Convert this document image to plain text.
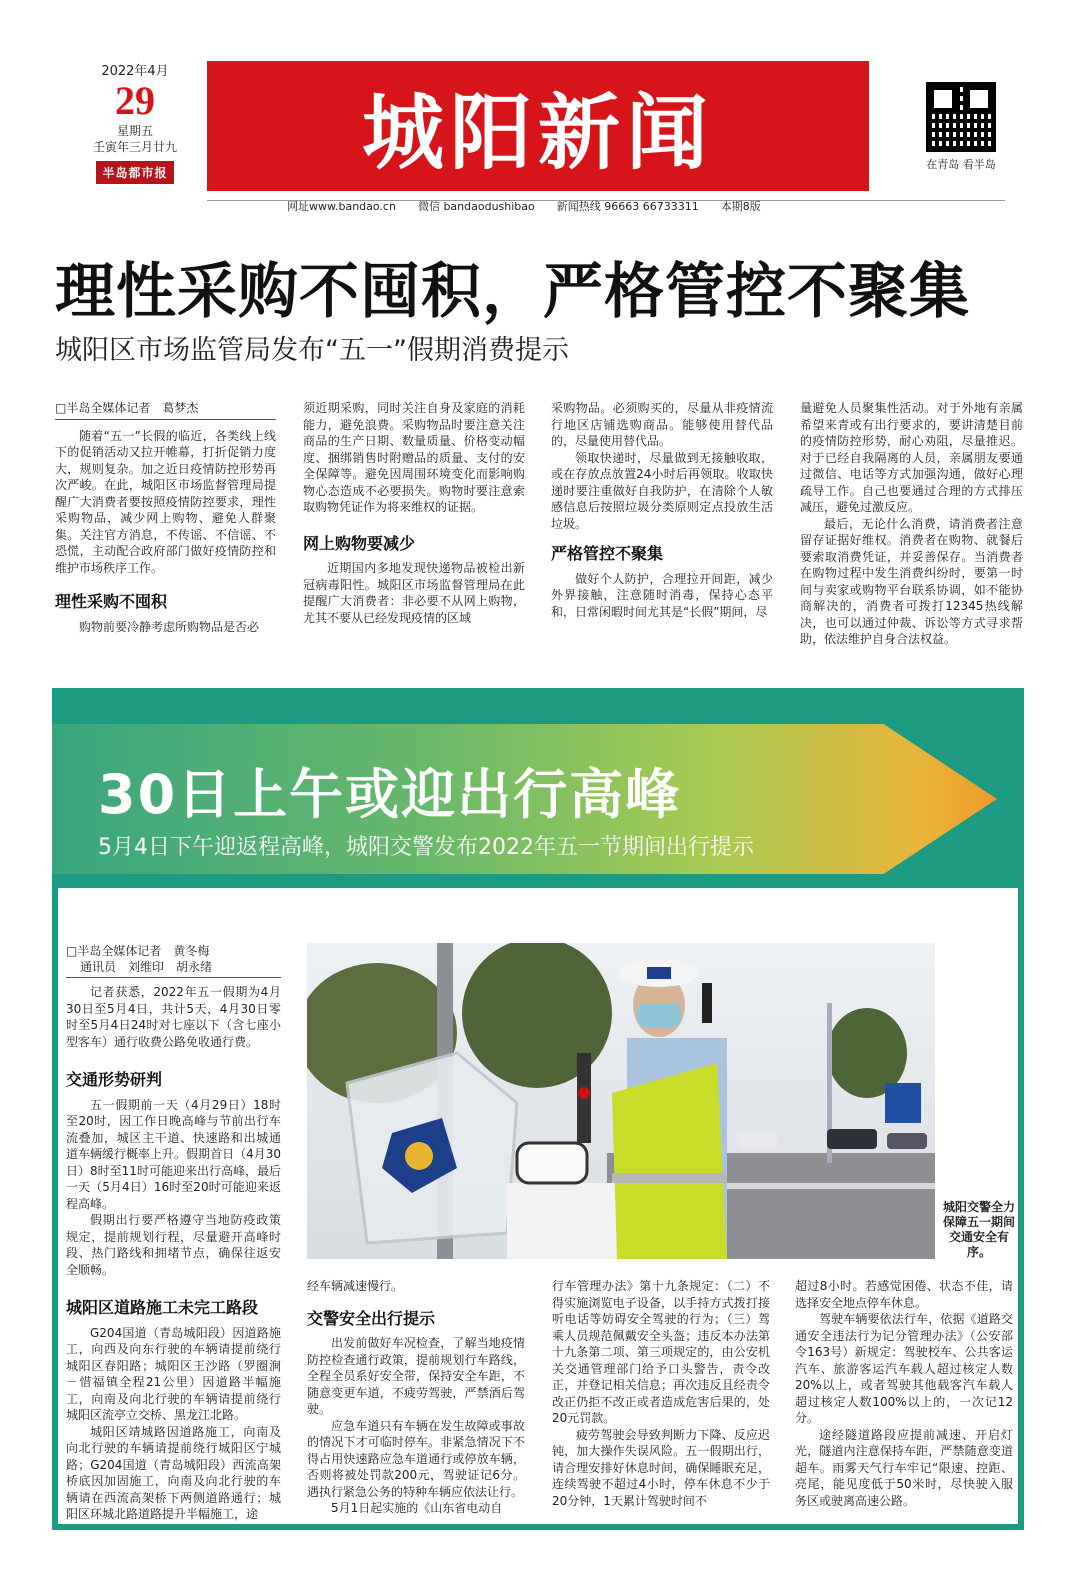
2022年4月
29
星期五
壬寅年三月廿九
半岛都市报 城阳新闻	在青岛 看半岛
网址www.bandao.cn 微信 bandaodushibao 新闻热线 96663 66733311 本期8版
理性采购不囤积，严格管控不聚集
城阳区市场监管局发布“五一”假期消费提示
□半岛全媒体记者　葛梦杰

随着“五一”长假的临近，各类线上线下的促销活动又拉开帷幕，打折促销力度大，规则复杂。加之近日疫情防控形势再次严峻。在此，城阳区市场监督管理局提醒广大消费者要按照疫情防控要求，理性采购物品，减少网上购物、避免人群聚集。关注官方消息，不传谣、不信谣、不恐慌，主动配合政府部门做好疫情防控和维护市场秩序工作。

理性采购不囤积

购物前要冷静考虑所购物品是否必

须近期采购，同时关注自身及家庭的消耗能力，避免浪费。采购物品时要注意关注商品的生产日期、数量质量、价格变动幅度、捆绑销售时附赠品的质量、支付的安全保障等。避免因周围环境变化而影响购物心态造成不必要损失。购物时要注意索取购物凭证作为将来维权的证据。

网上购物要减少

近期国内多地发现快递物品被检出新冠病毒阳性。城阳区市场监督管理局在此提醒广大消费者：非必要不从网上购物，尤其不要从已经发现疫情的区域

采购物品。必须购买的，尽量从非疫情流行地区店铺选购商品。能够使用替代品的，尽量使用替代品。

领取快递时，尽量做到无接触收取，或在存放点放置24小时后再领取。收取快递时要注重做好自我防护，在清除个人敏感信息后按照垃圾分类原则定点投放生活垃圾。

严格管控不聚集

做好个人防护，合理拉开间距，减少外界接触，注意随时消毒，保持心态平和，日常闲暇时间尤其是“长假”期间，尽

量避免人员聚集性活动。对于外地有亲属希望来青或有出行要求的，要讲清楚目前的疫情防控形势，耐心劝阻，尽量推迟。对于已经自我隔离的人员，亲属朋友要通过微信、电话等方式加强沟通，做好心理疏导工作。自己也要通过合理的方式排压减压，避免过激反应。

最后，无论什么消费，请消费者注意留存证据好维权。消费者在购物、就餐后要索取消费凭证，并妥善保存。当消费者在购物过程中发生消费纠纷时，要第一时间与卖家或购物平台联系协调，如不能协商解决的，消费者可拨打12345热线解决，也可以通过仲裁、诉讼等方式寻求帮助，依法维护自身合法权益。

30日上午或迎出行高峰
5月4日下午迎返程高峰，城阳交警发布2022年五一节期间出行提示
□半岛全媒体记者　黄冬梅
通讯员　刘维印　胡永绪

记者获悉，2022年五一假期为4月30日至5月4日，共计5天，4月30日零时至5月4日24时对七座以下（含七座小型客车）通行收费公路免收通行费。

交通形势研判

五一假期前一天（4月29日）18时至20时，因工作日晚高峰与节前出行车流叠加，城区主干道、快速路和出城通道车辆缓行概率上升。假期首日（4月30日）8时至11时可能迎来出行高峰，最后一天（5月4日）16时至20时可能迎来返程高峰。

假期出行要严格遵守当地防疫政策规定，提前规划行程，尽量避开高峰时段、热门路线和拥堵节点，确保往返安全顺畅。

城阳区道路施工未完工路段

G204国道（青岛城阳段）因道路施工，向西及向东行驶的车辆请提前绕行城阳区春阳路；城阳区王沙路（罗圈涧－惜福镇全程21公里）因道路半幅施工，向南及向北行驶的车辆请提前绕行城阳区流亭立交桥、黑龙江北路。

城阳区靖城路因道路施工，向南及向北行驶的车辆请提前绕行城阳区宁城路；G204国道（青岛城阳段）西流高架桥底因加固施工，向南及向北行驶的车辆请在西流高架桥下两侧道路通行；城阳区环城北路道路提升半幅施工，途

城阳交警全力保障五一期间交通安全有序。

经车辆减速慢行。

交警安全出行提示

出发前做好车况检查，了解当地疫情防控检查通行政策，提前规划行车路线，全程全员系好安全带，保持安全车距，不随意变更车道，不疲劳驾驶，严禁酒后驾驶。

应急车道只有车辆在发生故障或事故的情况下才可临时停车。非紧急情况下不得占用快速路应急车道通行或停放车辆，否则将被处罚款200元，驾驶证记6分。遇执行紧急公务的特种车辆应依法让行。

5月1日起实施的《山东省电动自

行车管理办法》第十九条规定：（二）不得实施浏览电子设备，以手持方式拨打接听电话等妨碍安全驾驶的行为；（三）驾乘人员规范佩戴安全头盔；违反本办法第十九条第二项、第三项规定的，由公安机关交通管理部门给予口头警告，责令改正，并登记相关信息；再次违反且经责令改正仍拒不改正或者造成危害后果的，处20元罚款。

疲劳驾驶会导致判断力下降、反应迟钝，加大操作失误风险。五一假期出行，请合理安排好休息时间，确保睡眠充足，连续驾驶不超过4小时，停车休息不少于20分钟，1天累计驾驶时间不

超过8小时。若感觉困倦、状态不佳，请选择安全地点停车休息。

驾驶车辆要依法行车，依据《道路交通安全违法行为记分管理办法》（公安部令163号）新规定：驾驶校车、公共客运汽车、旅游客运汽车载人超过核定人数20%以上，或者驾驶其他载客汽车载人超过核定人数100%以上的，一次记12分。

途经隧道路段应提前减速、开启灯光，隧道内注意保持车距，严禁随意变道超车。雨雾天气行车牢记“限速、控距、亮尾，能见度低于50米时，尽快驶入服务区或驶离高速公路。
